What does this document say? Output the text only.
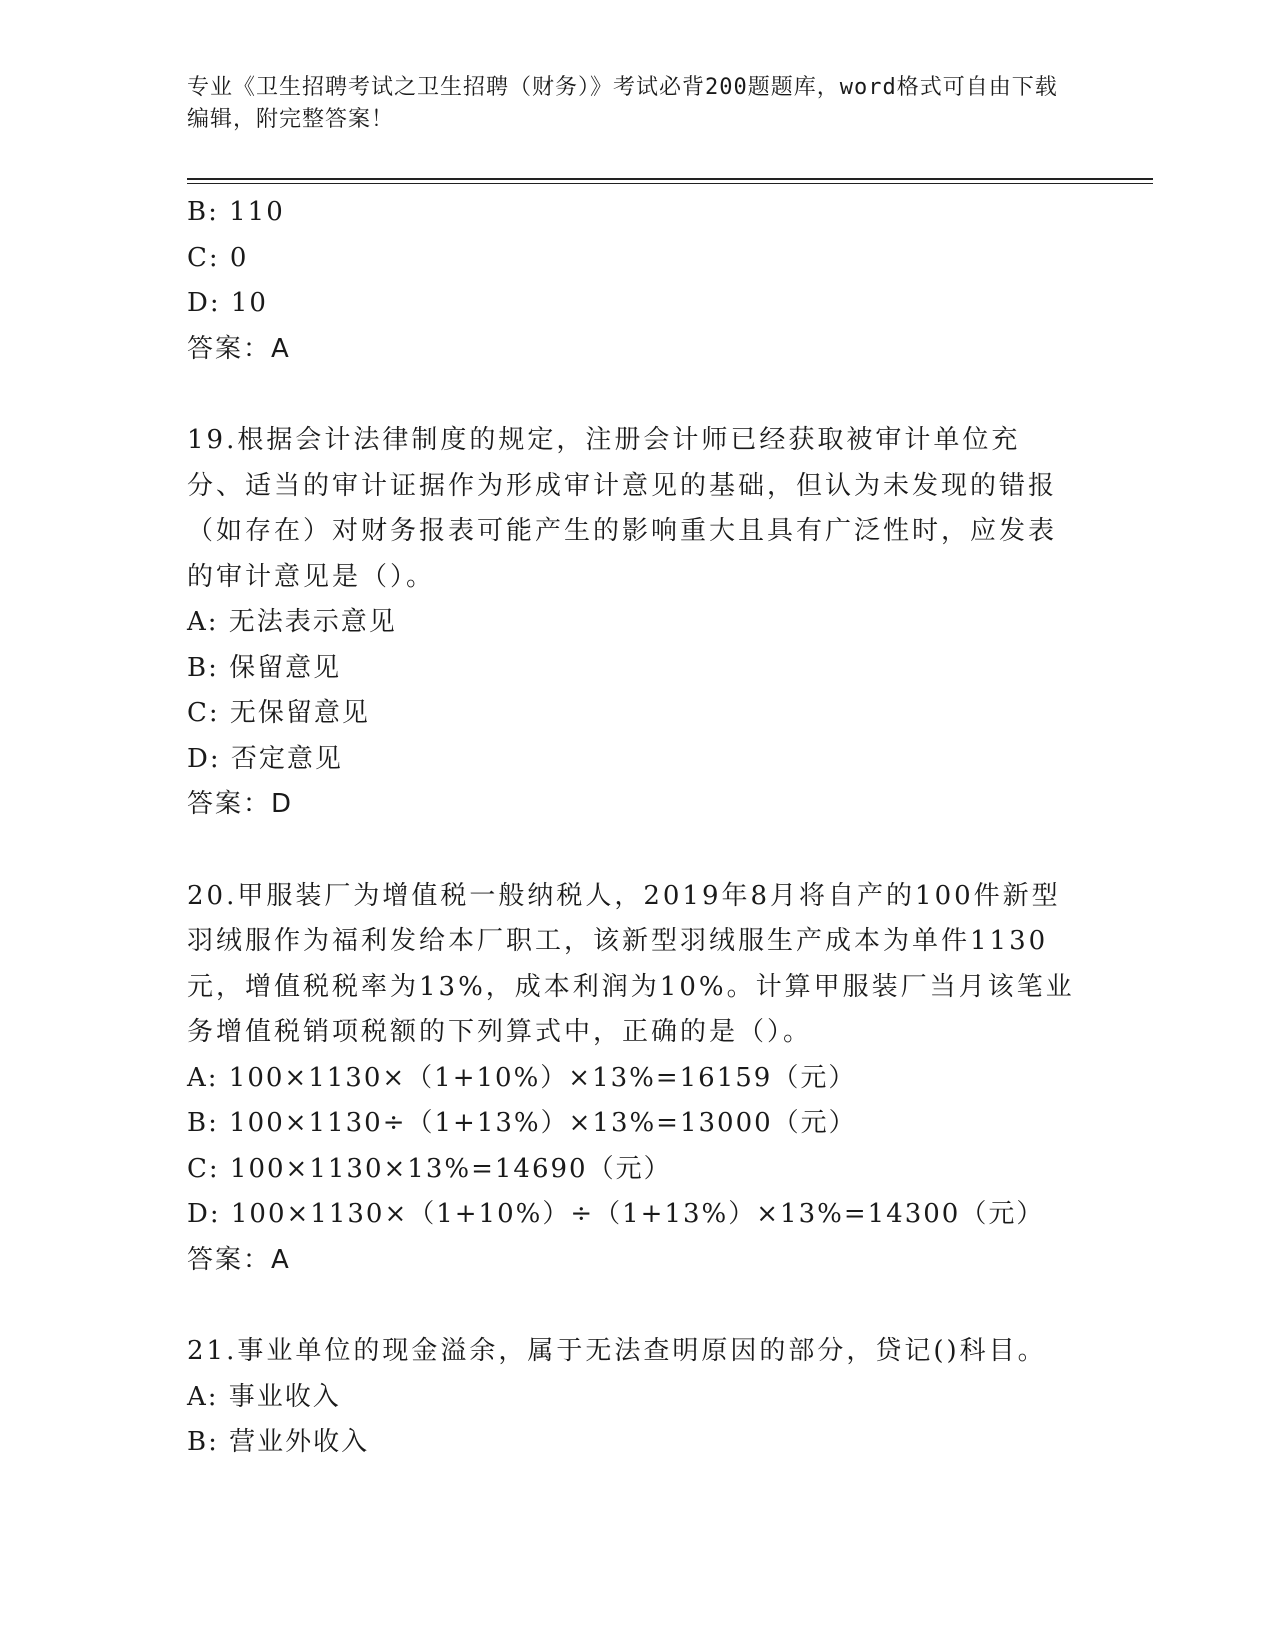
专业《卫生招聘考试之卫生招聘（财务）》考试必背200题题库，word格式可自由下载编辑，附完整答案！
B: 110
C: 0
D: 10
答案：A
19.根据会计法律制度的规定，注册会计师已经获取被审计单位充分、适当的审计证据作为形成审计意见的基础，但认为未发现的错报（如存在）对财务报表可能产生的影响重大且具有广泛性时，应发表的审计意见是（）。
A: 无法表示意见
B: 保留意见
C: 无保留意见
D: 否定意见
答案：D
20.甲服装厂为增值税一般纳税人，2019年8月将自产的100件新型羽绒服作为福利发给本厂职工，该新型羽绒服生产成本为单件1130元，增值税税率为13%，成本利润为10%。计算甲服装厂当月该笔业务增值税销项税额的下列算式中，正确的是（）。
A: 100×1130×（1+10%）×13%=16159（元）
B: 100×1130÷（1+13%）×13%=13000（元）
C: 100×1130×13%=14690（元）
D: 100×1130×（1+10%）÷（1+13%）×13%=14300（元）
答案：A
21.事业单位的现金溢余，属于无法查明原因的部分，贷记()科目。
A: 事业收入
B: 营业外收入
